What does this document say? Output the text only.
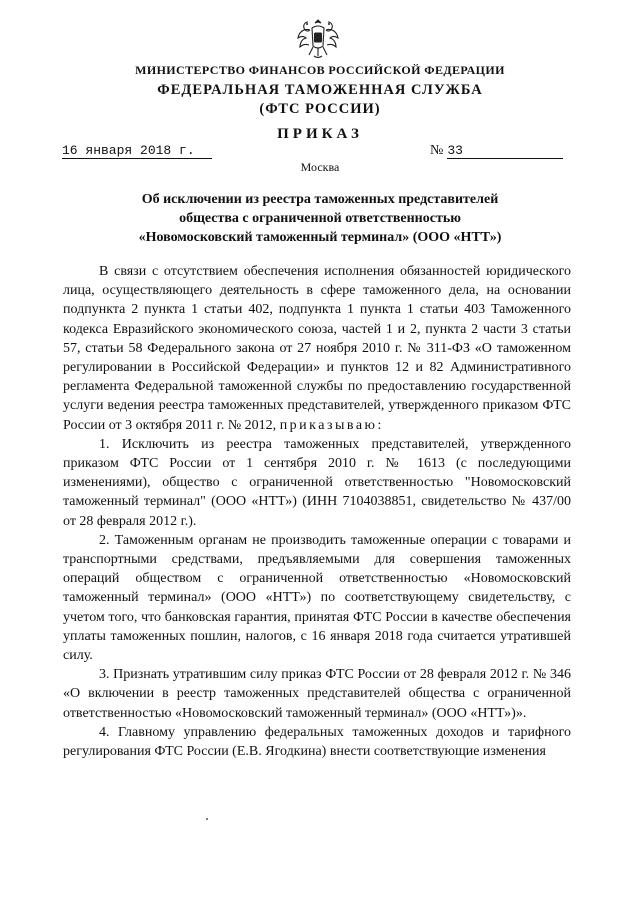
МИНИСТЕРСТВО ФИНАНСОВ РОССИЙСКОЙ ФЕДЕРАЦИИ
ФЕДЕРАЛЬНАЯ ТАМОЖЕННАЯ СЛУЖБА
(ФТС РОССИИ)
ПРИКАЗ
16 января 2018 г.	№ 33
Москва
Об исключении из реестра таможенных представителей
общества с ограниченной ответственностью
«Новомосковский таможенный терминал» (ООО «НТТ»)

В связи с отсутствием обеспечения исполнения обязанностей юридического лица, осуществляющего деятельность в сфере таможенного дела, на основании подпункта 2 пункта 1 статьи 402, подпункта 1 пункта 1 статьи 403 Таможенного кодекса Евразийского экономического союза, частей 1 и 2, пункта 2 части 3 статьи 57, статьи 58 Федерального закона от 27 ноября 2010 г. № 311-ФЗ «О таможенном регулировании в Российской Федерации» и пунктов 12 и 82 Административного регламента Федеральной таможенной службы по предоставлению государственной услуги ведения реестра таможенных представителей, утвержденного приказом ФТС России от 3 октября 2011 г. № 2012, приказываю:

1. Исключить из реестра таможенных представителей, утвержденного приказом ФТС России от 1 сентября 2010 г. № 1613 (с последующими изменениями), общество с ограниченной ответственностью "Новомосковский таможенный терминал" (ООО «НТТ») (ИНН 7104038851, свидетельство № 437/00 от 28 февраля 2012 г.).

2. Таможенным органам не производить таможенные операции с товарами и транспортными средствами, предъявляемыми для совершения таможенных операций обществом с ограниченной ответственностью «Новомосковский таможенный терминал» (ООО «НТТ») по соответствующему свидетельству, с учетом того, что банковская гарантия, принятая ФТС России в качестве обеспечения уплаты таможенных пошлин, налогов, с 16 января 2018 года считается утратившей силу.

3. Признать утратившим силу приказ ФТС России от 28 февраля 2012 г. № 346 «О включении в реестр таможенных представителей общества с ограниченной ответственностью «Новомосковский таможенный терминал» (ООО «НТТ»)».

4. Главному управлению федеральных таможенных доходов и тарифного регулирования ФТС России (Е.В. Ягодкина) внести соответствующие изменения
